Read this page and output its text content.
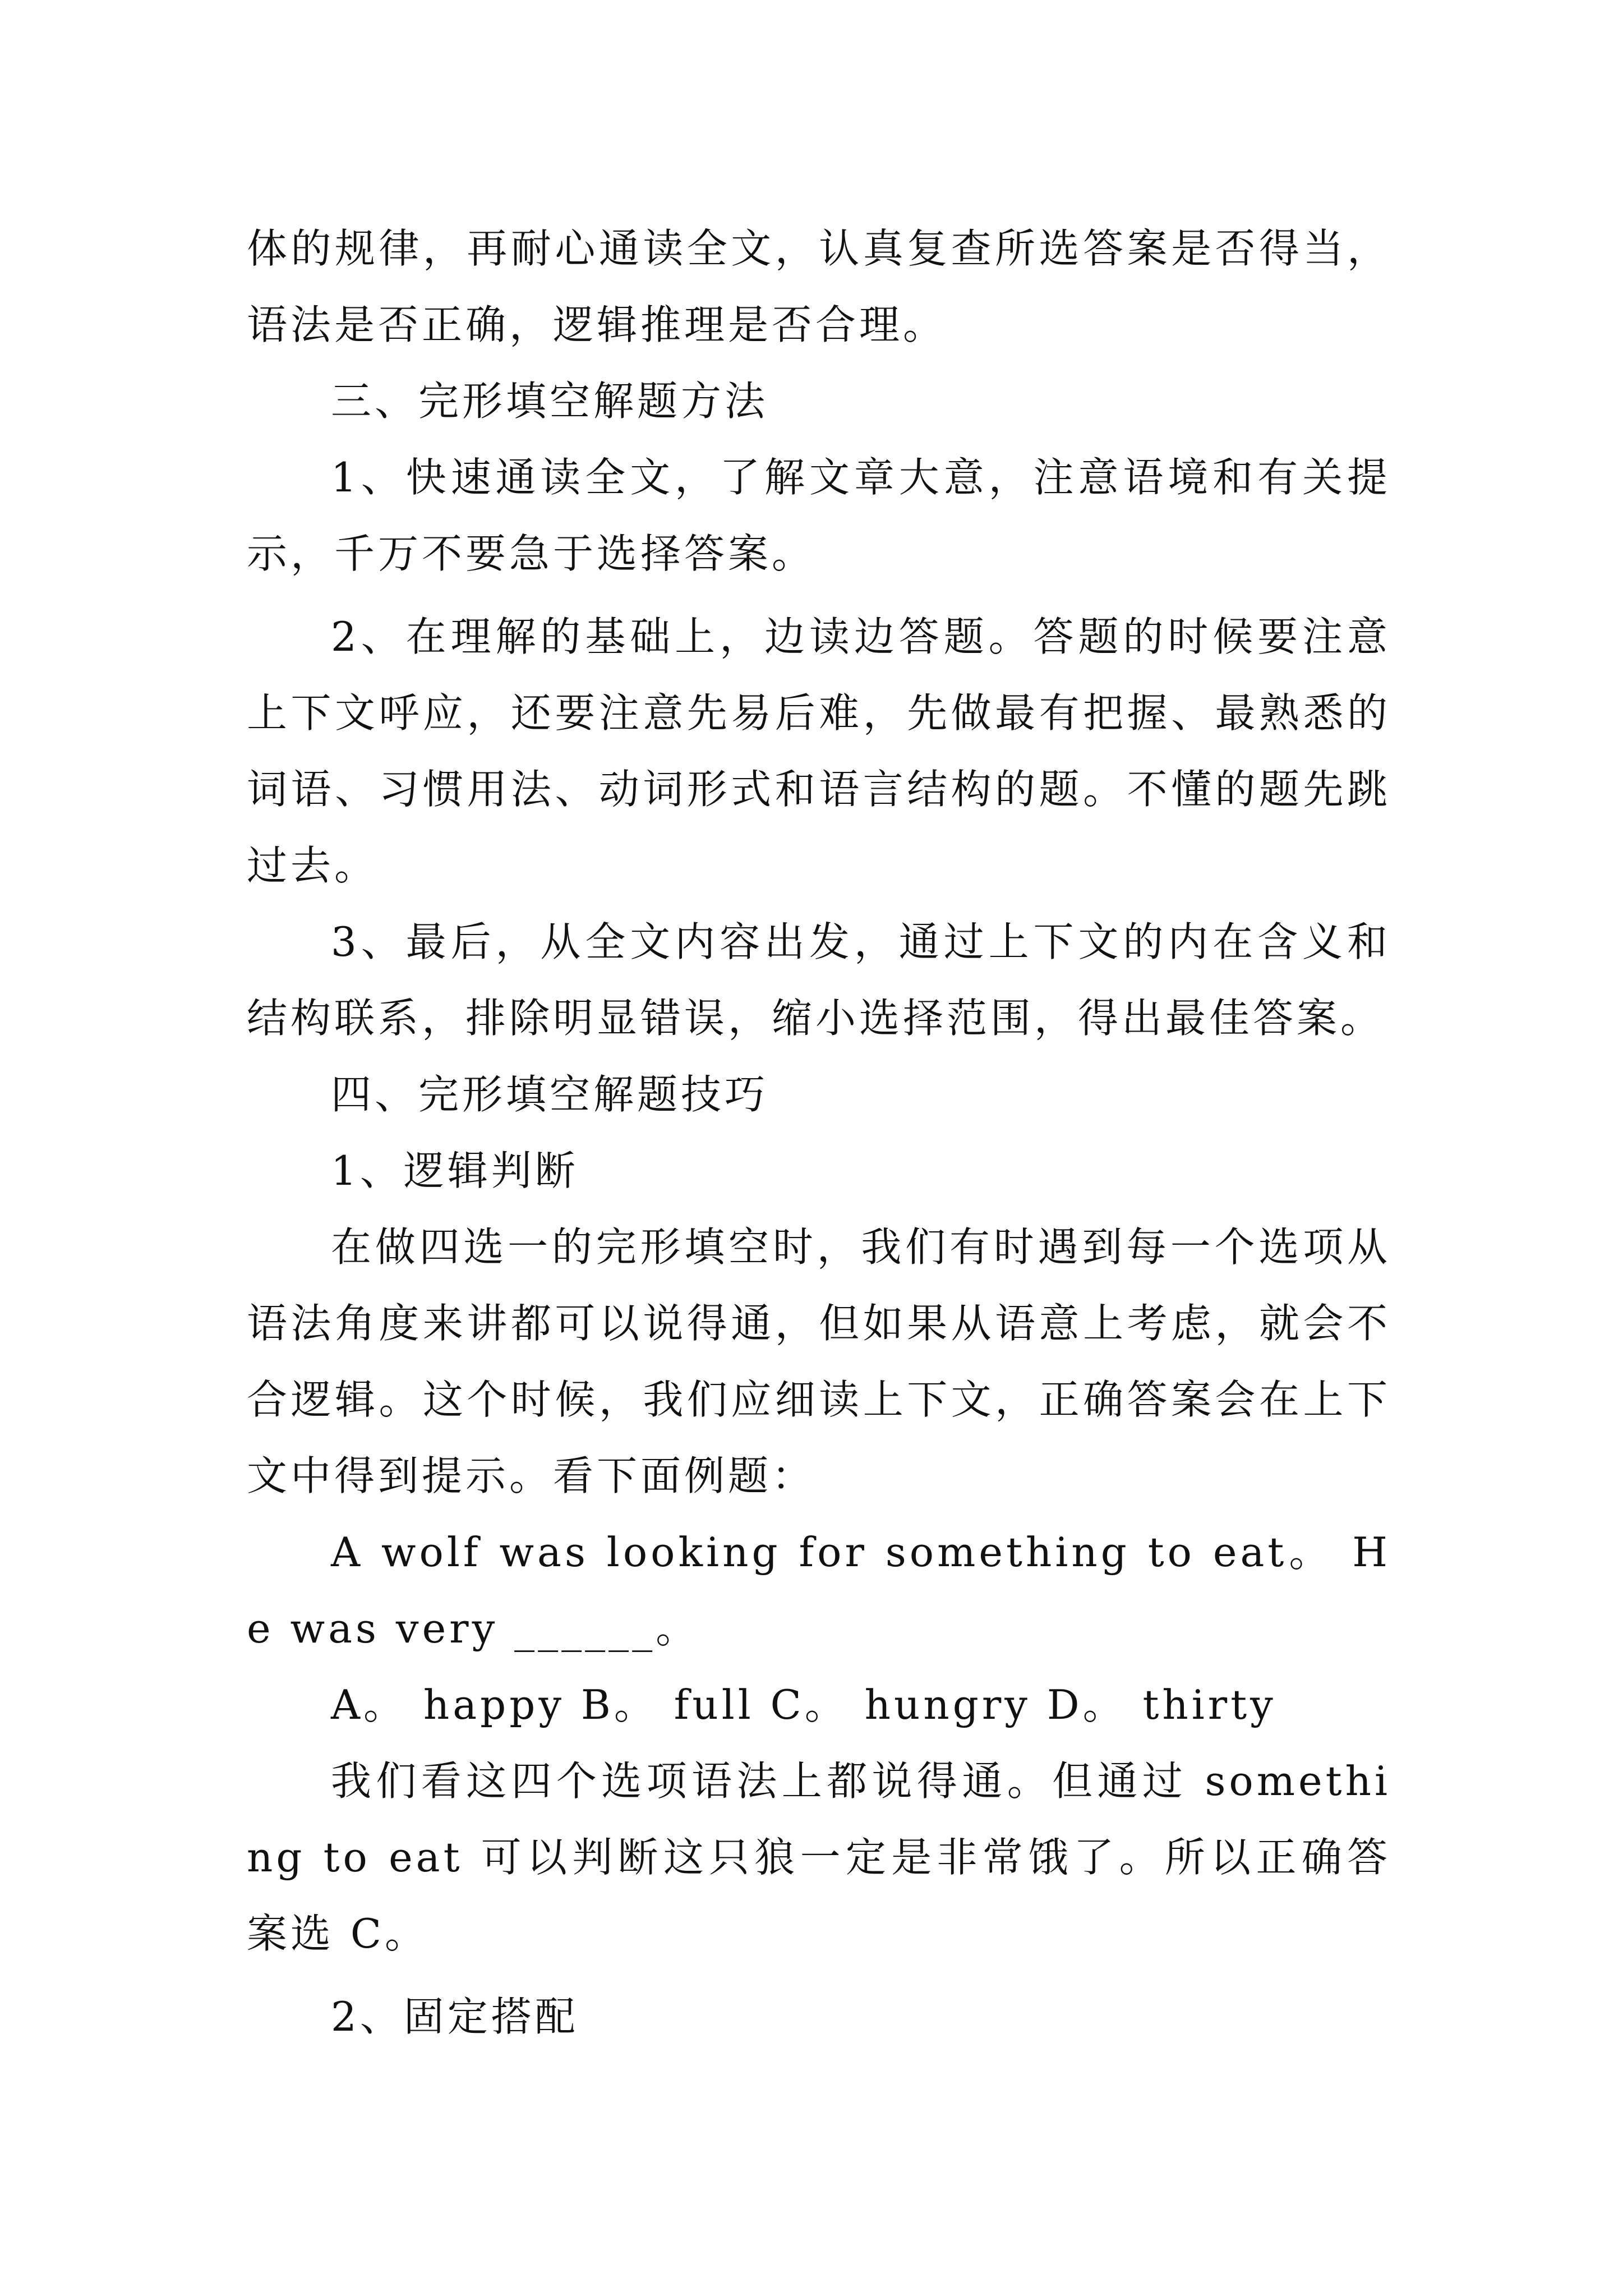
体的规律，再耐心通读全文，认真复查所选答案是否得当，语法是否正确，逻辑推理是否合理。

三、完形填空解题方法

1、快速通读全文，了解文章大意，注意语境和有关提示，千万不要急于选择答案。

2、在理解的基础上，边读边答题。答题的时候要注意上下文呼应，还要注意先易后难，先做最有把握、最熟悉的词语、习惯用法、动词形式和语言结构的题。不懂的题先跳过去。

3、最后，从全文内容出发，通过上下文的内在含义和结构联系，排除明显错误，缩小选择范围，得出最佳答案。

四、完形填空解题技巧

1、逻辑判断

在做四选一的完形填空时，我们有时遇到每一个选项从语法角度来讲都可以说得通，但如果从语意上考虑，就会不合逻辑。这个时候，我们应细读上下文，正确答案会在上下文中得到提示。看下面例题：

A wolf was looking for something to eat。 He was very ______。

A。 happy B。 full C。 hungry D。 thirty

我们看这四个选项语法上都说得通。但通过 something to eat 可以判断这只狼一定是非常饿了。所以正确答案选 C。

2、固定搭配
